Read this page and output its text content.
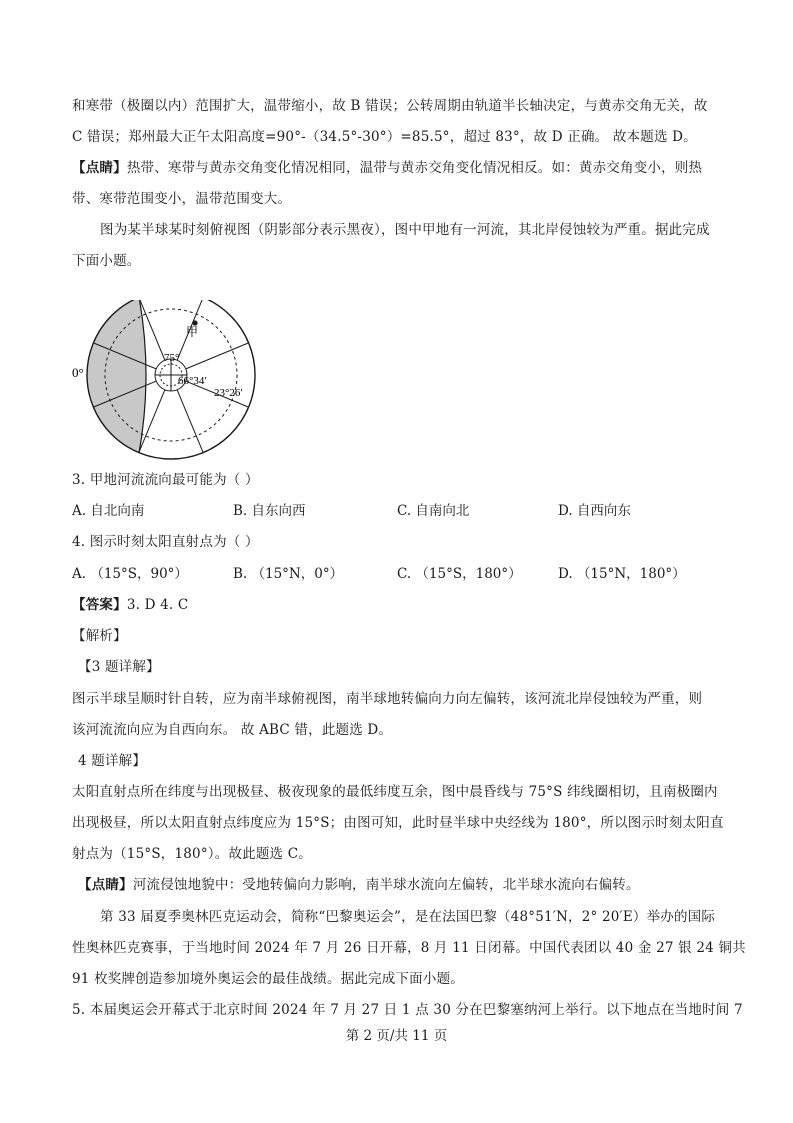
和寒带（极圈以内）范围扩大，温带缩小，故 B 错误；公转周期由轨道半长轴决定，与黄赤交角无关，故
C 错误；郑州最大正午太阳高度=90°-（34.5°-30°）=85.5°，超过 83°，故 D 正确。 故本题选 D。
【点睛】热带、寒带与黄赤交角变化情况相同，温带与黄赤交角变化情况相反。如：黄赤交角变小，则热
带、寒带范围变小，温带范围变大。
图为某半球某时刻俯视图（阴影部分表示黑夜），图中甲地有一河流，其北岸侵蚀较为严重。据此完成
下面小题。
0°
甲
75°
66°34′
23°26′
3. 甲地河流流向最可能为（ ）
A. 自北向南	B. 自东向西	C. 自南向北	D. 自西向东
4. 图示时刻太阳直射点为（ ）
A. （15°S，90°）	B. （15°N，0°）	C. （15°S，180°）	D. （15°N，180°）
【答案】3. D 4. C
【解析】
【3 题详解】
图示半球呈顺时针自转，应为南半球俯视图，南半球地转偏向力向左偏转，该河流北岸侵蚀较为严重，则
该河流流向应为自西向东。 故 ABC 错，此题选 D。
4 题详解】
太阳直射点所在纬度与出现极昼、极夜现象的最低纬度互余，图中晨昏线与 75°S 纬线圈相切，且南极圈内
出现极昼，所以太阳直射点纬度应为 15°S；由图可知，此时昼半球中央经线为 180°，所以图示时刻太阳直
射点为（15°S，180°）。故此题选 C。
【点睛】河流侵蚀地貌中：受地转偏向力影响，南半球水流向左偏转，北半球水流向右偏转。
第 33 届夏季奥林匹克运动会，简称“巴黎奥运会”，是在法国巴黎（48°51′N，2° 20′E）举办的国际
性奥林匹克赛事，于当地时间 2024 年 7 月 26 日开幕，8 月 11 日闭幕。中国代表团以 40 金 27 银 24 铜共
91 枚奖牌创造参加境外奥运会的最佳战绩。据此完成下面小题。
5. 本届奥运会开幕式于北京时间 2024 年 7 月 27 日 1 点 30 分在巴黎塞纳河上举行。以下地点在当地时间 7
第 2 页/共 11 页
